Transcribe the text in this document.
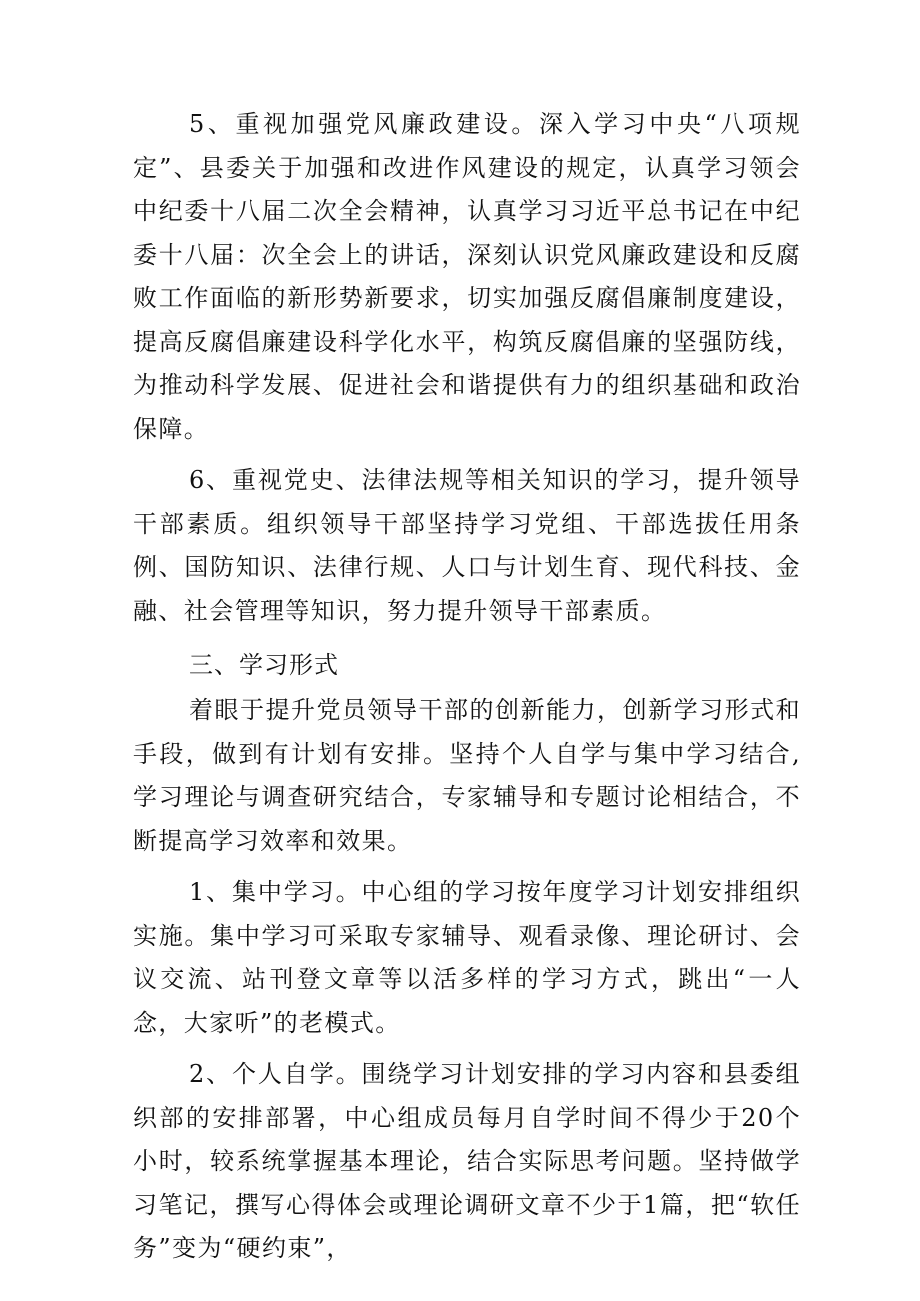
5、重视加强党风廉政建设。深入学习中央“八项规定”、县委关于加强和改进作风建设的规定，认真学习领会中纪委十八届二次全会精神，认真学习习近平总书记在中纪委十八届：次全会上的讲话，深刻认识党风廉政建设和反腐败工作面临的新形势新要求，切实加强反腐倡廉制度建设，提高反腐倡廉建设科学化水平，构筑反腐倡廉的坚强防线，为推动科学发展、促进社会和谐提供有力的组织基础和政治保障。

6、重视党史、法律法规等相关知识的学习，提升领导干部素质。组织领导干部坚持学习党组、干部选拔任用条例、国防知识、法律行规、人口与计划生育、现代科技、金融、社会管理等知识，努力提升领导干部素质。

三、学习形式

着眼于提升党员领导干部的创新能力，创新学习形式和手段，做到有计划有安排。坚持个人自学与集中学习结合,学习理论与调查研究结合，专家辅导和专题讨论相结合，不断提高学习效率和效果。

1、集中学习。中心组的学习按年度学习计划安排组织实施。集中学习可采取专家辅导、观看录像、理论研讨、会议交流、站刊登文章等以活多样的学习方式，跳出“一人念，大家听”的老模式。

2、个人自学。围绕学习计划安排的学习内容和县委组织部的安排部署，中心组成员每月自学时间不得少于20个小时，较系统掌握基本理论，结合实际思考问题。坚持做学习笔记，撰写心得体会或理论调研文章不少于1篇，把“软任务”变为“硬约束”，
